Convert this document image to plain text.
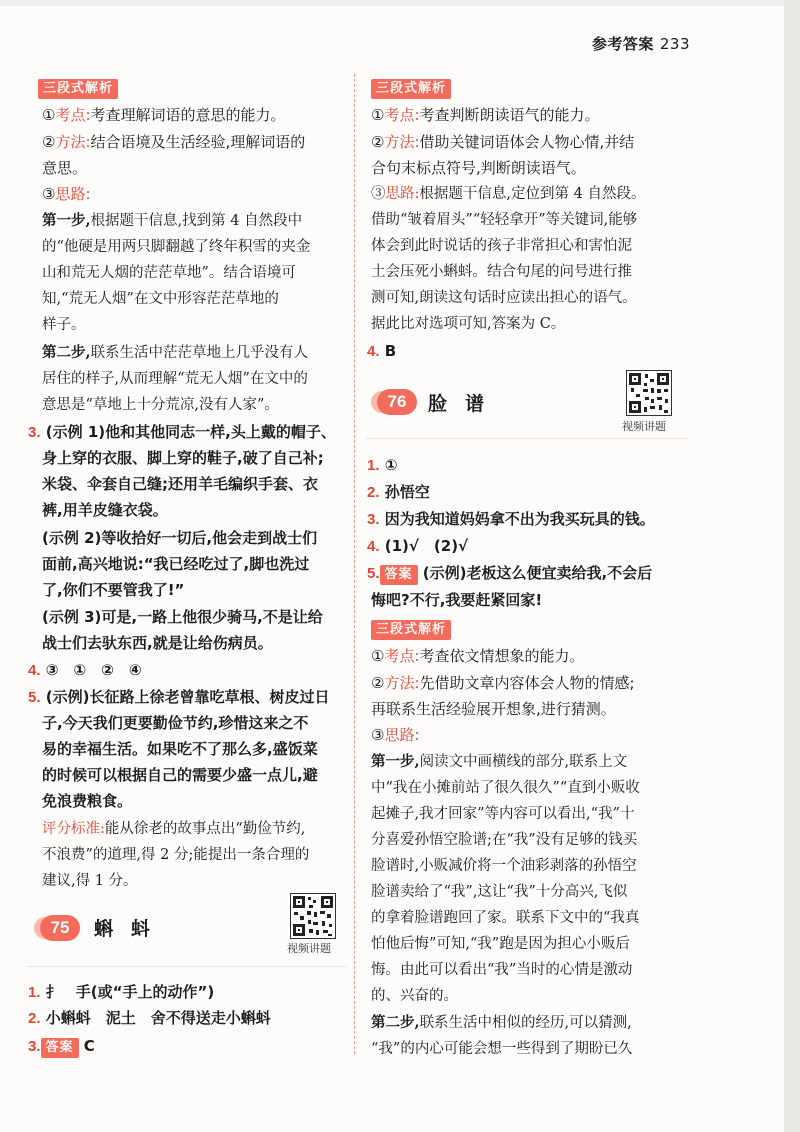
参考答案 233
三段式解析
①考点:考查理解词语的意思的能力。
②方法:结合语境及生活经验,理解词语的
意思。
③思路:
第一步,根据题干信息,找到第 4 自然段中
的“他硬是用两只脚翻越了终年积雪的夹金
山和荒无人烟的茫茫草地”。结合语境可
知,“荒无人烟”在文中形容茫茫草地的
样子。
第二步,联系生活中茫茫草地上几乎没有人
居住的样子,从而理解“荒无人烟”在文中的
意思是“草地上十分荒凉,没有人家”。
3. (示例 1)他和其他同志一样,头上戴的帽子、
身上穿的衣服、脚上穿的鞋子,破了自己补;
米袋、伞套自己缝;还用羊毛编织手套、衣
裤,用羊皮缝衣袋。
(示例 2)等收拾好一切后,他会走到战士们
面前,高兴地说:“我已经吃过了,脚也洗过
了,你们不要管我了!”
(示例 3)可是,一路上他很少骑马,不是让给
战士们去驮东西,就是让给伤病员。
4. ③　①　②　④
5. (示例)长征路上徐老曾靠吃草根、树皮过日
子,今天我们更要勤俭节约,珍惜这来之不
易的幸福生活。如果吃不了那么多,盛饭菜
的时候可以根据自己的需要少盛一点儿,避
免浪费粮食。
评分标准:能从徐老的故事点出“勤俭节约,
不浪费”的道理,得 2 分;能提出一条合理的
建议,得 1 分。
75	蝌蚪
视频讲题
1. 扌　手(或“手上的动作”)
2. 小蝌蚪　泥土　舍不得送走小蝌蚪
3. 答案 C
三段式解析
①考点:考查判断朗读语气的能力。
②方法:借助关键词语体会人物心情,并结
合句末标点符号,判断朗读语气。
③思路:根据题干信息,定位到第 4 自然段。
借助“皱着眉头”“轻轻拿开”等关键词,能够
体会到此时说话的孩子非常担心和害怕泥
土会压死小蝌蚪。结合句尾的问号进行推
测可知,朗读这句话时应读出担心的语气。
据此比对选项可知,答案为 C。
4. B
76	脸谱
视频讲题
1. ①
2. 孙悟空
3. 因为我知道妈妈拿不出为我买玩具的钱。
4. (1)√　(2)√
5. 答案 (示例)老板这么便宜卖给我,不会后
悔吧?不行,我要赶紧回家!
三段式解析
①考点:考查依文情想象的能力。
②方法:先借助文章内容体会人物的情感;
再联系生活经验展开想象,进行猜测。
③思路:
第一步,阅读文中画横线的部分,联系上文
中“我在小摊前站了很久很久”“直到小贩收
起摊子,我才回家”等内容可以看出,“我”十
分喜爱孙悟空脸谱;在“我”没有足够的钱买
脸谱时,小贩减价将一个油彩剥落的孙悟空
脸谱卖给了“我”,这让“我”十分高兴,飞似
的拿着脸谱跑回了家。联系下文中的“我真
怕他后悔”可知,“我”跑是因为担心小贩后
悔。由此可以看出“我”当时的心情是激动
的、兴奋的。
第二步,联系生活中相似的经历,可以猜测,
“我”的内心可能会想一些得到了期盼已久
